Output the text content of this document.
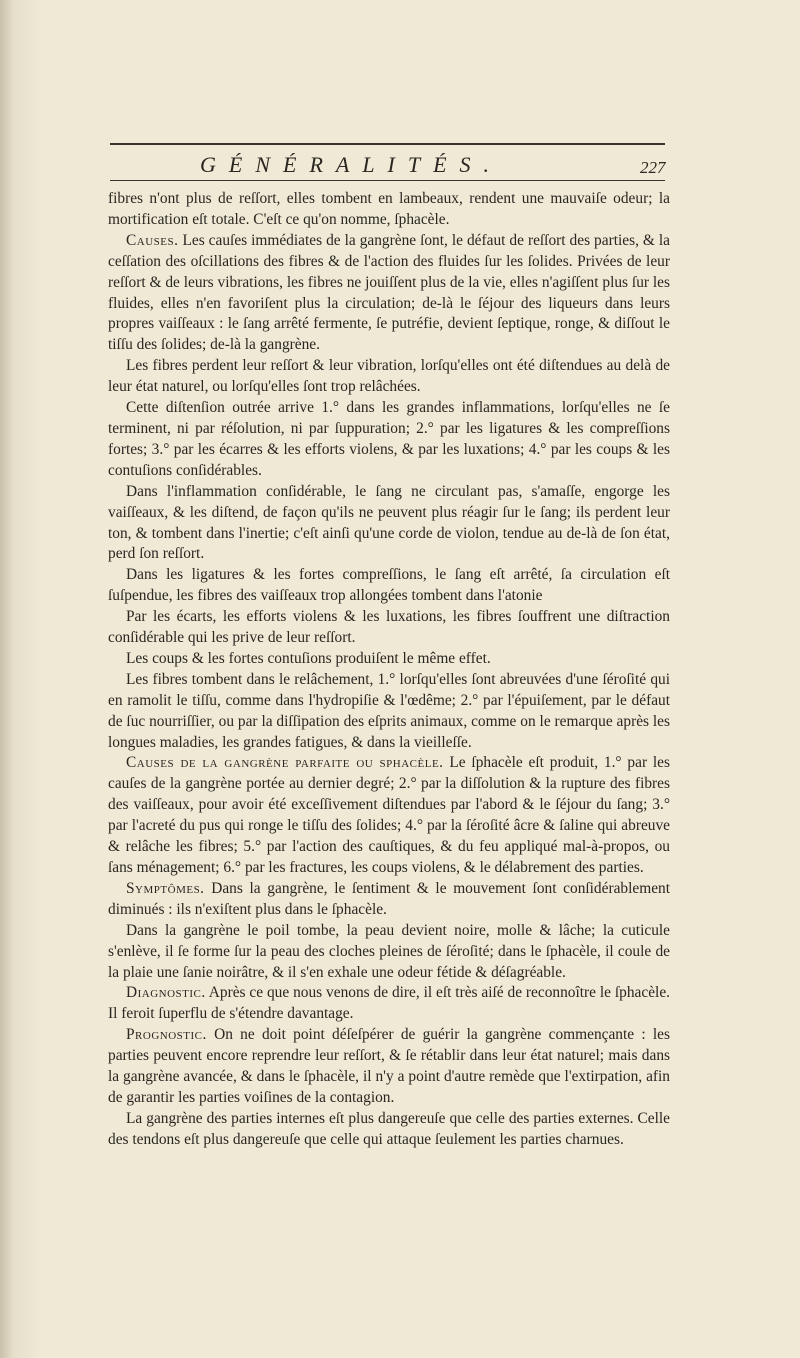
GÉNÉRALITÉS.	227

fibres n'ont plus de reſſort, elles tombent en lambeaux, rendent une mauvaiſe odeur; la mortification eſt totale. C'eſt ce qu'on nomme, ſphacèle.

Causes. Les cauſes immédiates de la gangrène ſont, le défaut de reſſort des parties, & la ceſſation des oſcillations des fibres & de l'action des fluides ſur les ſolides. Privées de leur reſſort & de leurs vibrations, les fibres ne jouiſſent plus de la vie, elles n'agiſſent plus ſur les fluides, elles n'en favoriſent plus la circulation; de-là le ſéjour des liqueurs dans leurs propres vaiſſeaux : le ſang arrêté fermente, ſe putréfie, devient ſeptique, ronge, & diſſout le tiſſu des ſolides; de-là la gangrène.

Les fibres perdent leur reſſort & leur vibration, lorſqu'elles ont été diſtendues au delà de leur état naturel, ou lorſqu'elles ſont trop relâchées.

Cette diſtenſion outrée arrive 1.° dans les grandes inflammations, lorſqu'elles ne ſe terminent, ni par réſolution, ni par ſuppuration; 2.° par les ligatures & les compreſſions fortes; 3.° par les écarres & les efforts violens, & par les luxations; 4.° par les coups & les contuſions conſidérables.

Dans l'inflammation conſidérable, le ſang ne circulant pas, s'amaſſe, engorge les vaiſſeaux, & les diſtend, de façon qu'ils ne peuvent plus réagir ſur le ſang; ils perdent leur ton, & tombent dans l'inertie; c'eſt ainſi qu'une corde de violon, tendue au de-là de ſon état, perd ſon reſſort.

Dans les ligatures & les fortes compreſſions, le ſang eſt arrêté, ſa circulation eſt ſuſpendue, les fibres des vaiſſeaux trop allongées tombent dans l'atonie

Par les écarts, les efforts violens & les luxations, les fibres ſouffrent une diſtraction conſidérable qui les prive de leur reſſort.

Les coups & les fortes contuſions produiſent le même effet.

Les fibres tombent dans le relâchement, 1.° lorſqu'elles ſont abreuvées d'une ſéroſité qui en ramolit le tiſſu, comme dans l'hydropiſie & l'œdême; 2.° par l'épuiſement, par le défaut de ſuc nourriſſier, ou par la diſſipation des eſprits animaux, comme on le remarque après les longues maladies, les grandes fatigues, & dans la vieilleſſe.

Causes de la gangrène parfaite ou sphacèle. Le ſphacèle eſt produit, 1.° par les cauſes de la gangrène portée au dernier degré; 2.° par la diſſolution & la rupture des fibres des vaiſſeaux, pour avoir été exceſſivement diſtendues par l'abord & le ſéjour du ſang; 3.° par l'acreté du pus qui ronge le tiſſu des ſolides; 4.° par la ſéroſité âcre & ſaline qui abreuve & relâche les fibres; 5.° par l'action des cauſtiques, & du feu appliqué mal-à-propos, ou ſans ménagement; 6.° par les fractures, les coups violens, & le délabrement des parties.

Symptômes. Dans la gangrène, le ſentiment & le mouvement ſont conſidérablement diminués : ils n'exiſtent plus dans le ſphacèle.

Dans la gangrène le poil tombe, la peau devient noire, molle & lâche; la cuticule s'enlève, il ſe forme ſur la peau des cloches pleines de ſéroſité; dans le ſphacèle, il coule de la plaie une ſanie noirâtre, & il s'en exhale une odeur fétide & déſagréable.

Diagnostic. Après ce que nous venons de dire, il eſt très aiſé de reconnoître le ſphacèle. Il feroit ſuperflu de s'étendre davantage.

Prognostic. On ne doit point déſeſpérer de guérir la gangrène commençante : les parties peuvent encore reprendre leur reſſort, & ſe rétablir dans leur état naturel; mais dans la gangrène avancée, & dans le ſphacèle, il n'y a point d'autre remède que l'extirpation, afin de garantir les parties voiſines de la contagion.

La gangrène des parties internes eſt plus dangereuſe que celle des parties externes. Celle des tendons eſt plus dangereuſe que celle qui attaque ſeulement les parties charnues.
